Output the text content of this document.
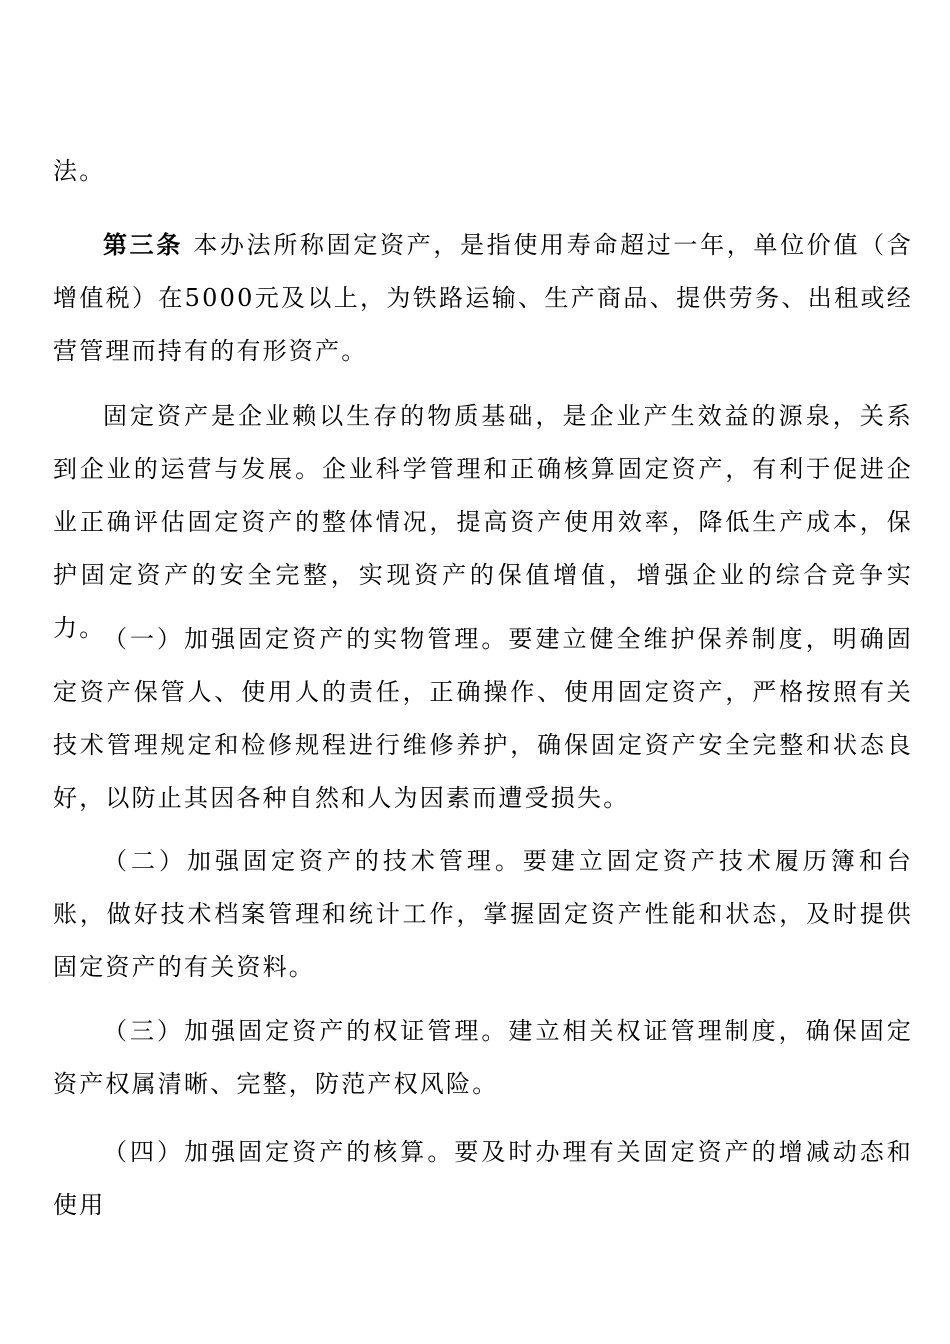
法。
第三条 本办法所称固定资产，是指使用寿命超过一年，单位价值（含增值税）在5000元及以上，为铁路运输、生产商品、提供劳务、出租或经营管理而持有的有形资产。
固定资产是企业赖以生存的物质基础，是企业产生效益的源泉，关系到企业的运营与发展。企业科学管理和正确核算固定资产，有利于促进企业正确评估固定资产的整体情况，提高资产使用效率，降低生产成本，保护固定资产的安全完整，实现资产的保值增值，增强企业的综合竞争实力。
（一）加强固定资产的实物管理。要建立健全维护保养制度，明确固定资产保管人、使用人的责任，正确操作、使用固定资产，严格按照有关技术管理规定和检修规程进行维修养护，确保固定资产安全完整和状态良好，以防止其因各种自然和人为因素而遭受损失。
（二）加强固定资产的技术管理。要建立固定资产技术履历簿和台账，做好技术档案管理和统计工作，掌握固定资产性能和状态，及时提供固定资产的有关资料。
（三）加强固定资产的权证管理。建立相关权证管理制度，确保固定资产权属清晰、完整，防范产权风险。
（四）加强固定资产的核算。要及时办理有关固定资产的增减动态和使用
